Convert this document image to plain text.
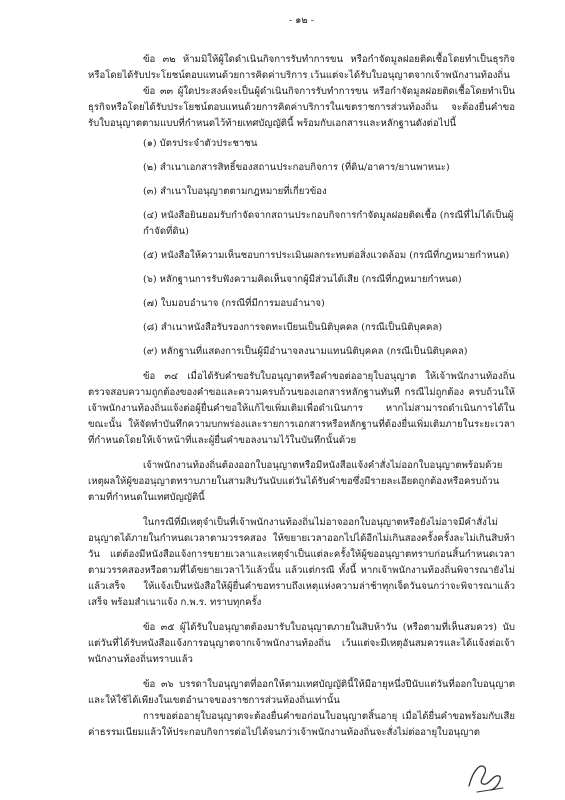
- ๑๒ -

ข้อ ๓๒ ห้ามมิให้ผู้ใดดำเนินกิจการรับทำการขน หรือกำจัดมูลฝอยติดเชื้อโดยทำเป็นธุรกิจหรือโดยได้รับประโยชน์ตอบแทนด้วยการคิดค่าบริการ เว้นแต่จะได้รับใบอนุญาตจากเจ้าพนักงานท้องถิ่น

ข้อ ๓๓ ผู้ใดประสงค์จะเป็นผู้ดำเนินกิจการรับทำการขน หรือกำจัดมูลฝอยติดเชื้อโดยทำเป็นธุรกิจหรือโดยได้รับประโยชน์ตอบแทนด้วยการคิดค่าบริการในเขตราชการส่วนท้องถิ่น จะต้องยื่นคำขอรับใบอนุญาตตามแบบที่กำหนดไว้ท้ายเทศบัญญัตินี้ พร้อมกับเอกสารและหลักฐานดังต่อไปนี้

(๑) บัตรประจำตัวประชาชน
(๒) สำเนาเอกสารสิทธิ์ของสถานประกอบกิจการ (ที่ดิน/อาคาร/ยานพาหนะ)
(๓) สำเนาใบอนุญาตตามกฎหมายที่เกี่ยวข้อง
(๔) หนังสือยินยอมรับกำจัดจากสถานประกอบกิจการกำจัดมูลฝอยติดเชื้อ (กรณีที่ไม่ได้เป็นผู้กำจัดที่ดิน)
(๕) หนังสือให้ความเห็นชอบการประเมินผลกระทบต่อสิ่งแวดล้อม (กรณีที่กฎหมายกำหนด)
(๖) หลักฐานการรับฟังความคิดเห็นจากผู้มีส่วนได้เสีย (กรณีที่กฎหมายกำหนด)
(๗) ใบมอบอำนาจ (กรณีที่มีการมอบอำนาจ)
(๘) สำเนาหนังสือรับรองการจดทะเบียนเป็นนิติบุคคล (กรณีเป็นนิติบุคคล)
(๙) หลักฐานที่แสดงการเป็นผู้มีอำนาจลงนามแทนนิติบุคคล (กรณีเป็นนิติบุคคล)

ข้อ ๓๔ เมื่อได้รับคำขอรับใบอนุญาตหรือคำขอต่ออายุใบอนุญาต ให้เจ้าพนักงานท้องถิ่นตรวจสอบความถูกต้องของคำขอและความครบถ้วนของเอกสารหลักฐานทันที กรณีไม่ถูกต้อง ครบถ้วนให้เจ้าพนักงานท้องถิ่นแจ้งต่อผู้ยื่นคำขอให้แก้ไขเพิ่มเติมเพื่อดำเนินการ หากไม่สามารถดำเนินการได้ในขณะนั้น ให้จัดทำบันทึกความบกพร่องและรายการเอกสารหรือหลักฐานที่ต้องยื่นเพิ่มเติมภายในระยะเวลาที่กำหนดโดยให้เจ้าหน้าที่และผู้ยื่นคำขอลงนามไว้ในบันทึกนั้นด้วย

เจ้าพนักงานท้องถิ่นต้องออกใบอนุญาตหรือมีหนังสือแจ้งคำสั่งไม่ออกใบอนุญาตพร้อมด้วยเหตุผลให้ผู้ขออนุญาตทราบภายในสามสิบวันนับแต่วันได้รับคำขอซึ่งมีรายละเอียดถูกต้องหรือครบถ้วนตามที่กำหนดในเทศบัญญัตินี้

ในกรณีที่มีเหตุจำเป็นที่เจ้าพนักงานท้องถิ่นไม่อาจออกใบอนุญาตหรือยังไม่อาจมีคำสั่งไม่อนุญาตได้ภายในกำหนดเวลาตามวรรคสอง ให้ขยายเวลาออกไปได้อีกไม่เกินสองครั้งครั้งละไม่เกินสิบห้าวัน แต่ต้องมีหนังสือแจ้งการขยายเวลาและเหตุจำเป็นแต่ละครั้งให้ผู้ขออนุญาตทราบก่อนสิ้นกำหนดเวลาตามวรรคสองหรือตามที่ได้ขยายเวลาไว้แล้วนั้น แล้วแต่กรณี ทั้งนี้ หากเจ้าพนักงานท้องถิ่นพิจารณายังไม่แล้วเสร็จ ให้แจ้งเป็นหนังสือให้ผู้ยื่นคำขอทราบถึงเหตุแห่งความล่าช้าทุกเจ็ดวันจนกว่าจะพิจารณาแล้วเสร็จ พร้อมสำเนาแจ้ง ก.พ.ร. ทราบทุกครั้ง

ข้อ ๓๕ ผู้ได้รับใบอนุญาตต้องมารับใบอนุญาตภายในสิบห้าวัน (หรือตามที่เห็นสมควร) นับแต่วันที่ได้รับหนังสือแจ้งการอนุญาตจากเจ้าพนักงานท้องถิ่น เว้นแต่จะมีเหตุอันสมควรและได้แจ้งต่อเจ้าพนักงานท้องถิ่นทราบแล้ว

ข้อ ๓๖ บรรดาใบอนุญาตที่ออกให้ตามเทศบัญญัตินี้ให้มีอายุหนึ่งปีนับแต่วันที่ออกใบอนุญาตและให้ใช้ได้เพียงในเขตอำนาจของราชการส่วนท้องถิ่นเท่านั้น

การขอต่ออายุใบอนุญาตจะต้องยื่นคำขอก่อนใบอนุญาตสิ้นอายุ เมื่อได้ยื่นคำขอพร้อมกับเสียค่าธรรมเนียมแล้วให้ประกอบกิจการต่อไปได้จนกว่าเจ้าพนักงานท้องถิ่นจะสั่งไม่ต่ออายุใบอนุญาต
